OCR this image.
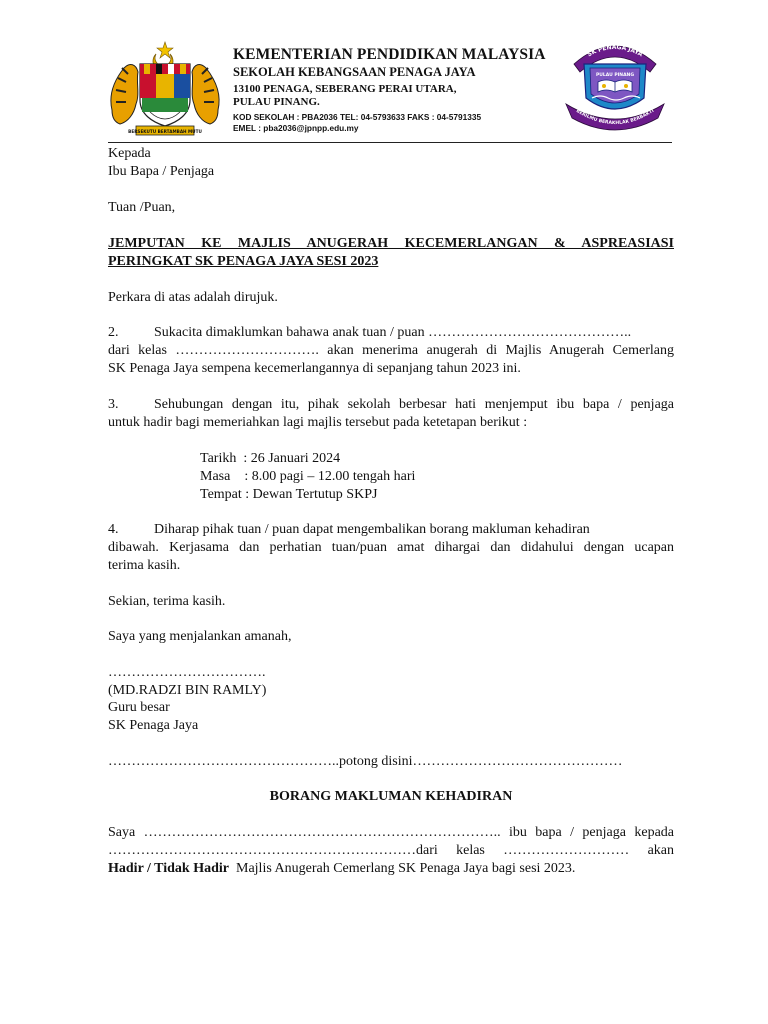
BERSEKUTU BERTAMBAH MUTU
KEMENTERIAN PENDIDIKAN MALAYSIA
SEKOLAH KEBANGSAAN PENAGA JAYA
13100 PENAGA, SEBERANG PERAI UTARA,
PULAU PINANG.
KOD SEKOLAH : PBA2036 TEL: 04-5793633 FAKS : 04-5791335
EMEL : pba2036@jpnpp.edu.my
SK PENAGA JAYA
PULAU PINANG
BERILMU BERAKHLAK BERBAKTI
Kepada
Ibu Bapa / Penjaga
Tuan /Puan,
JEMPUTAN KE MAJLIS ANUGERAH KECEMERLANGAN & ASPREASIASI
PERINGKAT SK PENAGA JAYA SESI 2023
Perkara di atas adalah dirujuk.
2.	Sukacita dimaklumkan bahawa anak tuan / puan ……………………………………..
dari kelas …………………………. akan menerima anugerah di Majlis Anugerah Cemerlang
SK Penaga Jaya sempena kecemerlangannya di sepanjang tahun 2023 ini.
3.	Sehubungan dengan itu, pihak sekolah berbesar hati menjemput ibu bapa / penjaga
untuk hadir bagi memeriahkan lagi majlis tersebut pada ketetapan berikut :
Tarikh  : 26 Januari 2024
Masa    : 8.00 pagi – 12.00 tengah hari
Tempat : Dewan Tertutup SKPJ
4.	Diharap pihak tuan / puan dapat mengembalikan borang makluman kehadiran
dibawah. Kerjasama dan perhatian tuan/puan amat dihargai dan didahului dengan ucapan
terima kasih.
Sekian, terima kasih.
Saya yang menjalankan amanah,
…………………………….
(MD.RADZI BIN RAMLY)
Guru besar
SK Penaga Jaya
…………………………………………..potong disini………………………………………
BORANG MAKLUMAN KEHADIRAN
Saya ………………………………………………………………….. ibu bapa / penjaga kepada
…………………………………………………………dari kelas ……………………… akan
Hadir / Tidak Hadir  Majlis Anugerah Cemerlang SK Penaga Jaya bagi sesi 2023.
